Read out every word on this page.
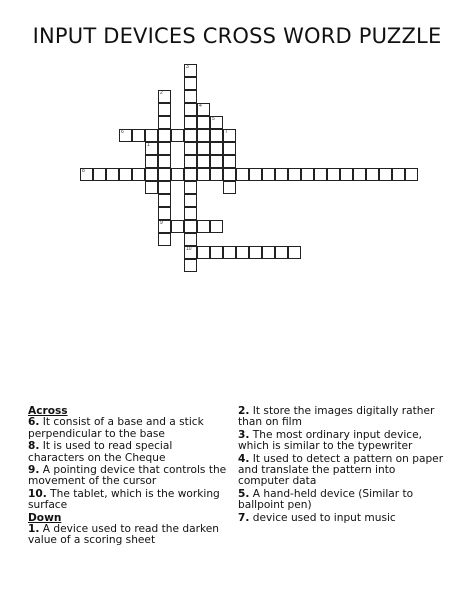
INPUT DEVICES CROSS WORD PUZZLE
1
2
9
3
10
4
5
6	7
8
Across
6. It consist of a base and a stick perpendicular to the base
8. It is used to read special characters on the Cheque
9. A pointing device that controls the movement of the cursor
10. The tablet, which is the working surface
Down
1. A device used to read the darken value of a scoring sheet
2. It store the images digitally rather than on film
3. The most ordinary input device, which is similar to the typewriter
4. It used to detect a pattern on paper and translate the pattern into computer data
5. A hand-held device (Similar to ballpoint pen)
7. device used to input music
